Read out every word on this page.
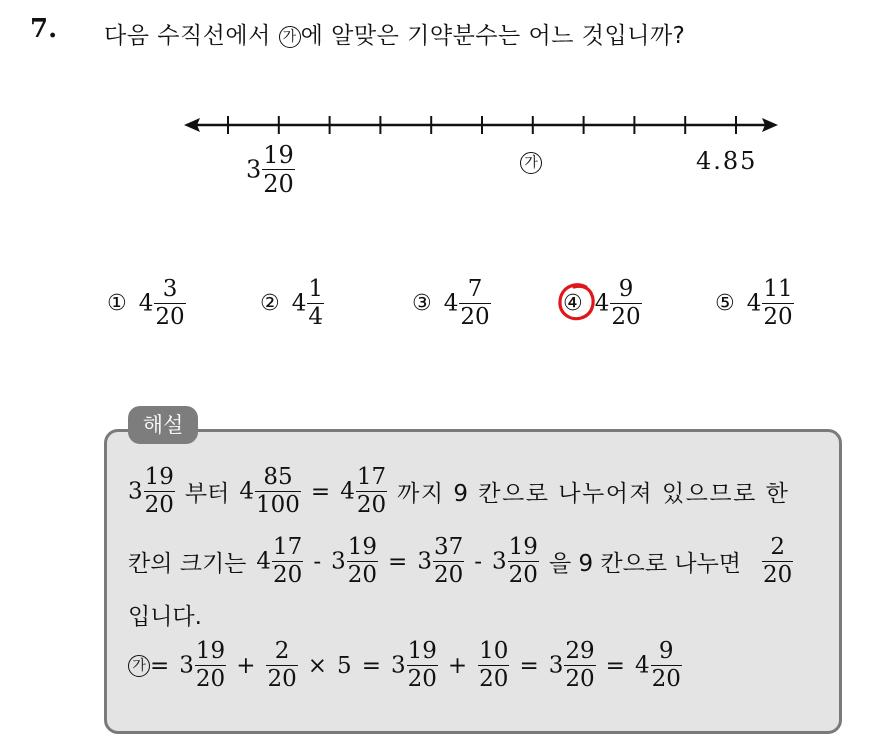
7. 다음 수직선에서 가 에 알맞은 기약분수는 어느 것입니까?
$3 \frac{19}{20}$	가	4.85
① $4 \frac{3}{20}$	② $4 \frac{1}{4}$	③ $4 \frac{7}{20}$	④ $4 \frac{9}{20}$	⑤ $4 \frac{11}{20}$
해설
$3 \frac{19}{20}$ 부터 $4 \frac{85}{100} = 4 \frac{17}{20}$ 까지 9 칸으로 나누어져 있으므로 한
칸의 크기는 $4 \frac{17}{20} - 3 \frac{19}{20} = 3 \frac{37}{20} - 3 \frac{19}{20}$ 을 9 칸으로 나누면 $\frac{2}{20}$
입니다.
가 = $3 \frac{19}{20} + \frac{2}{20} \times 5 = 3 \frac{19}{20} + \frac{10}{20} = 3 \frac{29}{20} = 4 \frac{9}{20}$
